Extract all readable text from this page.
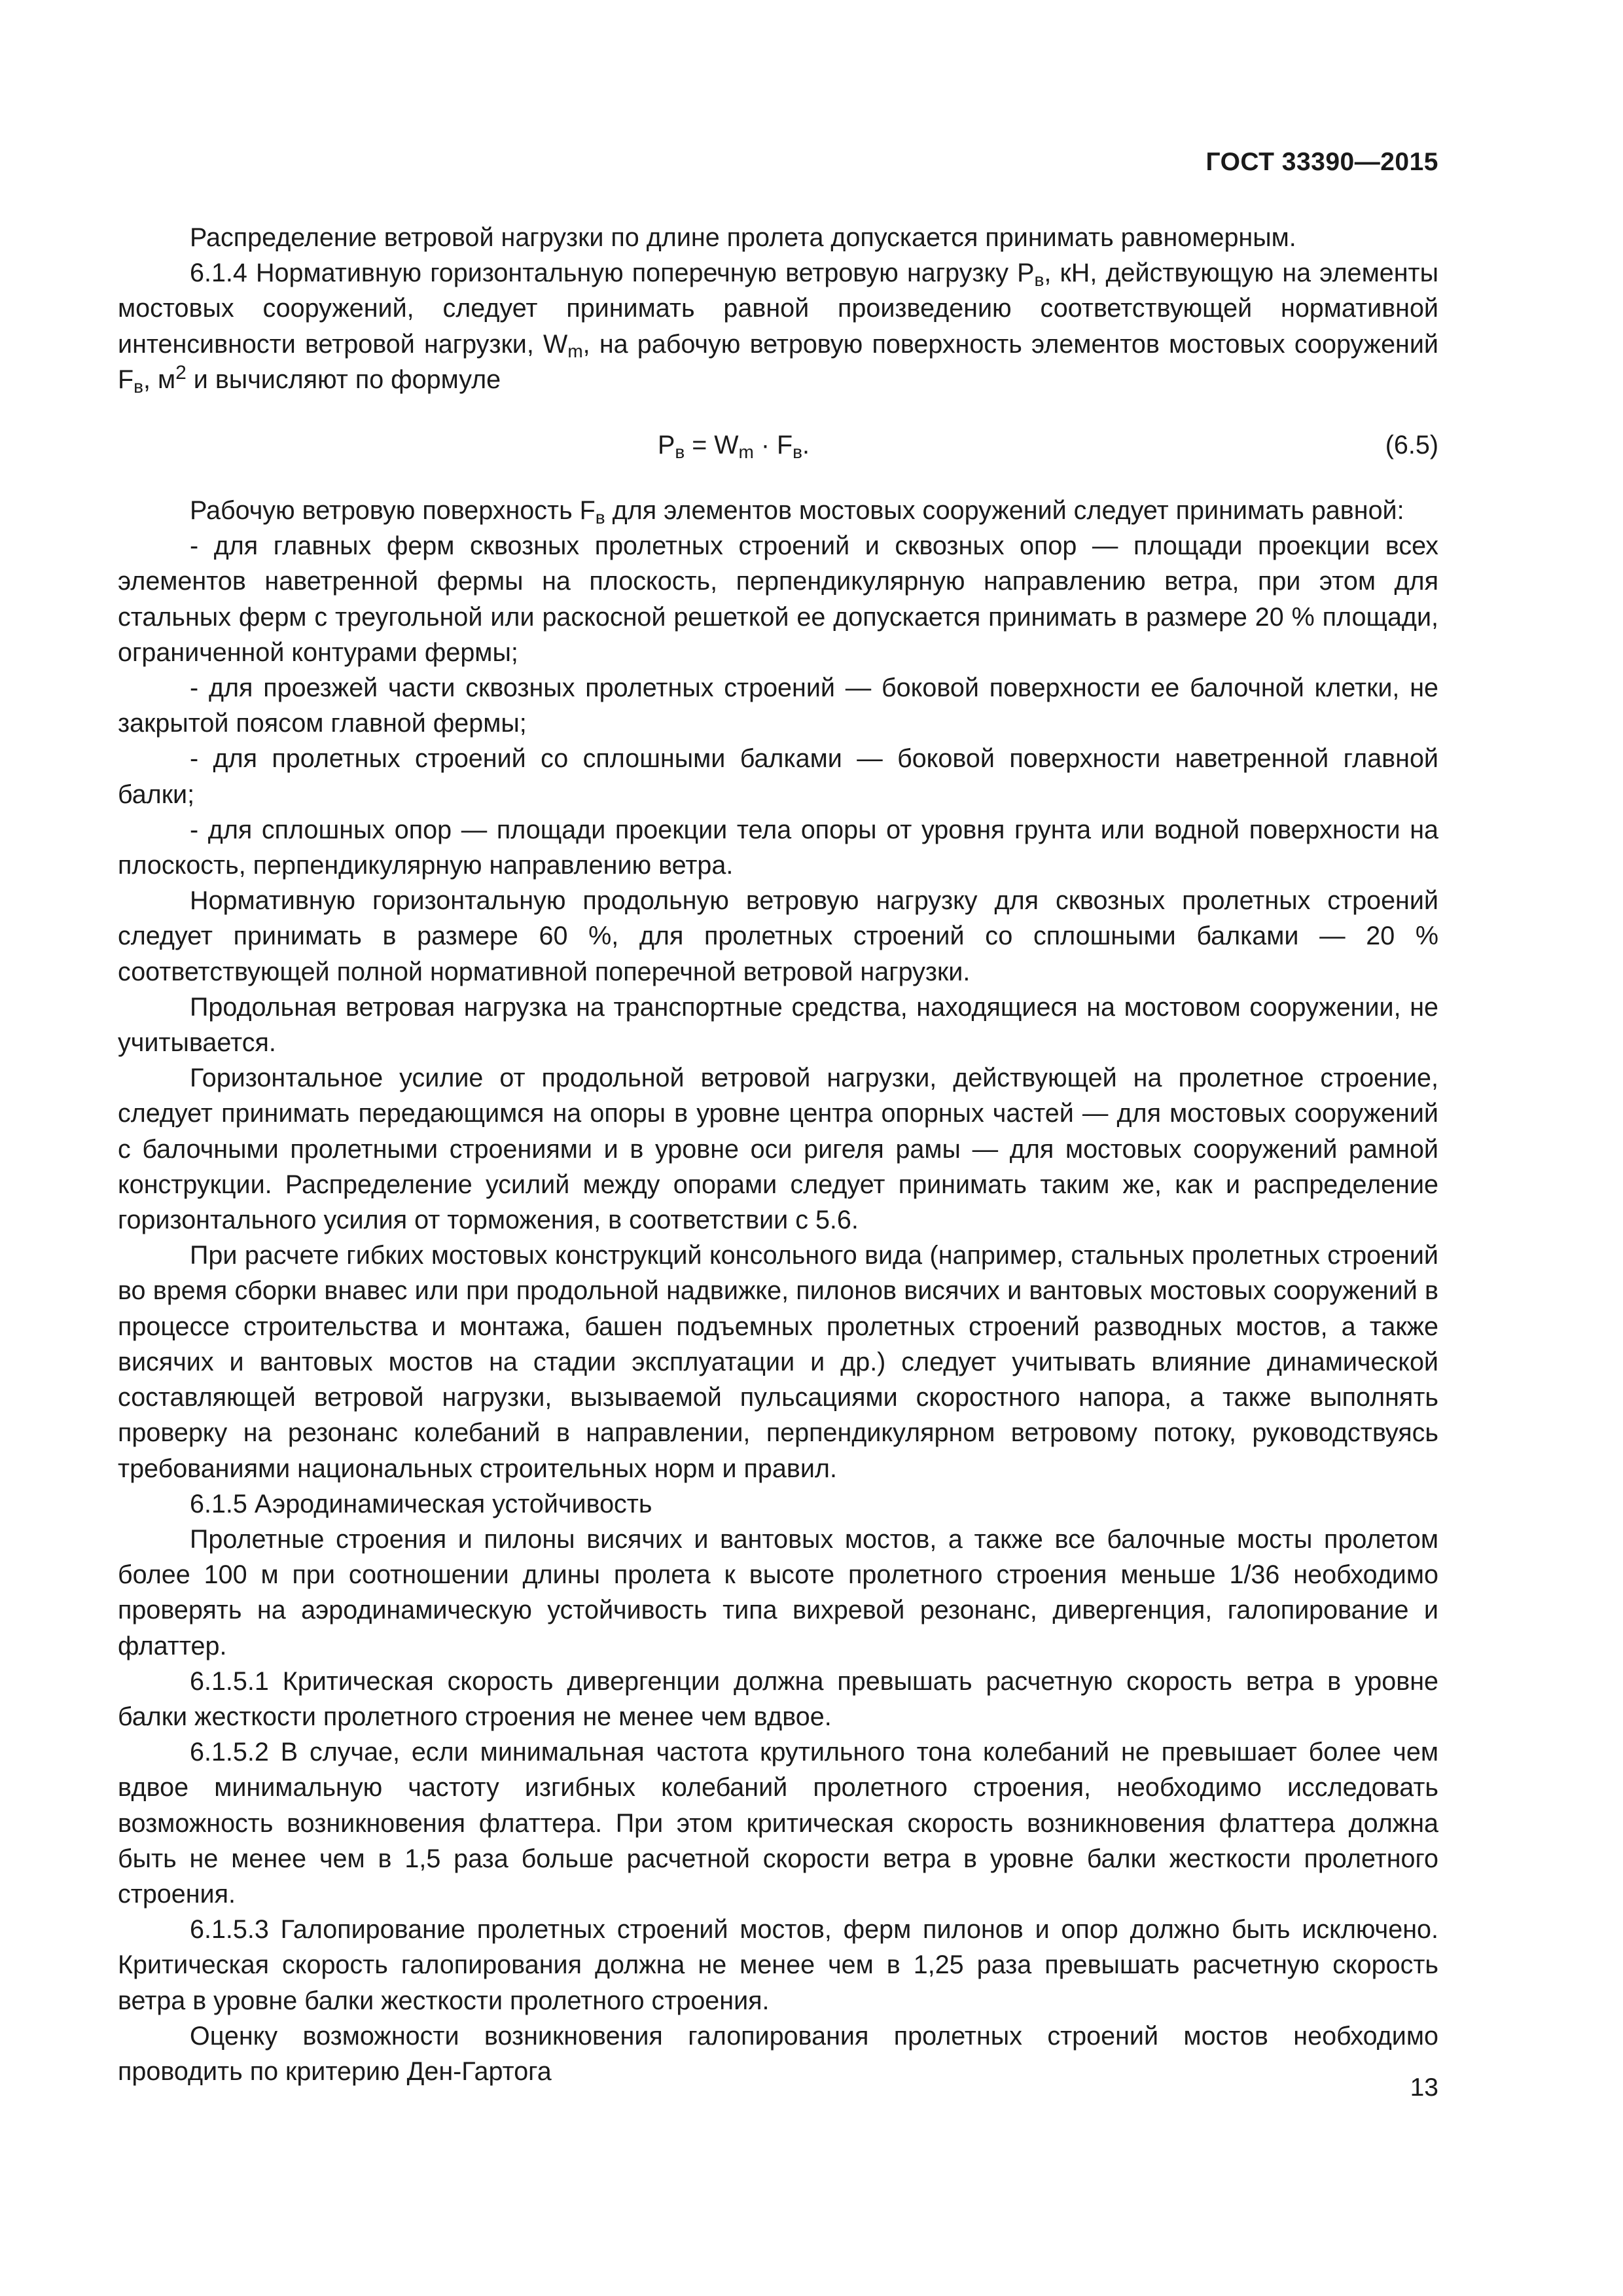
ГОСТ 33390—2015

Распределение ветровой нагрузки по длине пролета допускается принимать равномерным.

6.1.4 Нормативную горизонтальную поперечную ветровую нагрузку $P_в$, кН, действующую на элементы мостовых сооружений, следует принимать равной произведению соответствующей нормативной интенсивности ветровой нагрузки, $W_m$, на рабочую ветровую поверхность элементов мостовых сооружений $F_в$, $м^2$ и вычисляют по формуле

$P_в = W_m \cdot F_в$.	(6.5)

Рабочую ветровую поверхность $F_в$ для элементов мостовых сооружений следует принимать равной:

- для главных ферм сквозных пролетных строений и сквозных опор — площади проекции всех элементов наветренной фермы на плоскость, перпендикулярную направлению ветра, при этом для стальных ферм с треугольной или раскосной решеткой ее допускается принимать в размере 20 % площади, ограниченной контурами фермы;

- для проезжей части сквозных пролетных строений — боковой поверхности ее балочной клетки, не закрытой поясом главной фермы;

- для пролетных строений со сплошными балками — боковой поверхности наветренной главной балки;

- для сплошных опор — площади проекции тела опоры от уровня грунта или водной поверхности на плоскость, перпендикулярную направлению ветра.

Нормативную горизонтальную продольную ветровую нагрузку для сквозных пролетных строений следует принимать в размере 60 %, для пролетных строений со сплошными балками — 20 % соответствующей полной нормативной поперечной ветровой нагрузки.

Продольная ветровая нагрузка на транспортные средства, находящиеся на мостовом сооружении, не учитывается.

Горизонтальное усилие от продольной ветровой нагрузки, действующей на пролетное строение, следует принимать передающимся на опоры в уровне центра опорных частей — для мостовых сооружений с балочными пролетными строениями и в уровне оси ригеля рамы — для мостовых сооружений рамной конструкции. Распределение усилий между опорами следует принимать таким же, как и распределение горизонтального усилия от торможения, в соответствии с 5.6.

При расчете гибких мостовых конструкций консольного вида (например, стальных пролетных строений во время сборки внавес или при продольной надвижке, пилонов висячих и вантовых мостовых сооружений в процессе строительства и монтажа, башен подъемных пролетных строений разводных мостов, а также висячих и вантовых мостов на стадии эксплуатации и др.) следует учитывать влияние динамической составляющей ветровой нагрузки, вызываемой пульсациями скоростного напора, а также выполнять проверку на резонанс колебаний в направлении, перпендикулярном ветровому потоку, руководствуясь требованиями национальных строительных норм и правил.

6.1.5 Аэродинамическая устойчивость

Пролетные строения и пилоны висячих и вантовых мостов, а также все балочные мосты пролетом более 100 м при соотношении длины пролета к высоте пролетного строения меньше 1/36 необходимо проверять на аэродинамическую устойчивость типа вихревой резонанс, дивергенция, галопирование и флаттер.

6.1.5.1 Критическая скорость дивергенции должна превышать расчетную скорость ветра в уровне балки жесткости пролетного строения не менее чем вдвое.

6.1.5.2 В случае, если минимальная частота крутильного тона колебаний не превышает более чем вдвое минимальную частоту изгибных колебаний пролетного строения, необходимо исследовать возможность возникновения флаттера. При этом критическая скорость возникновения флаттера должна быть не менее чем в 1,5 раза больше расчетной скорости ветра в уровне балки жесткости пролетного строения.

6.1.5.3 Галопирование пролетных строений мостов, ферм пилонов и опор должно быть исключено. Критическая скорость галопирования должна не менее чем в 1,25 раза превышать расчетную скорость ветра в уровне балки жесткости пролетного строения.

Оценку возможности возникновения галопирования пролетных строений мостов необходимо проводить по критерию Ден-Гартога

13
